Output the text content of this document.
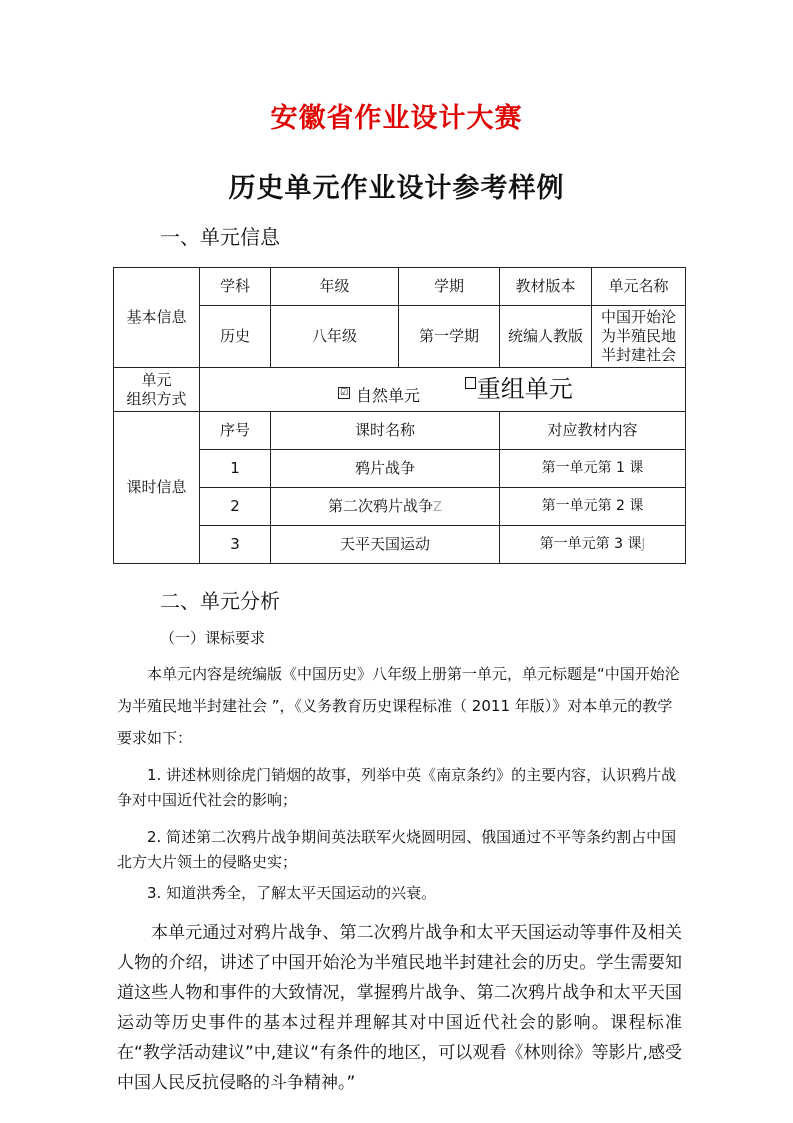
安徽省作业设计大赛
历史单元作业设计参考样例
一、单元信息
基本信息	学科	年级	学期	教材版本	单元名称
	历史	八年级	第一学期	统编人教版	中国开始沦为半殖民地半封建社会

单元
组织方式	☑ 自然单元 重组单元				
课时信息	序号	课时名称		对应教材内容	
	1	鸦片战争		第一单元第 1 课	
	2	第二次鸦片战争Z		第一单元第 2 课	
	3	天平天国运动		第一单元第 3 课J	
二、单元分析
（一）课标要求

本单元内容是统编版《中国历史》八年级上册第一单元，单元标题是“中国开始沦为半殖民地半封建社会 ”，《义务教育历史课程标准（ 2011 年版）》对本单元的教学要求如下：

1. 讲述林则徐虎门销烟的故事，列举中英《南京条约》的主要内容，认识鸦片战争对中国近代社会的影响；

2. 简述第二次鸦片战争期间英法联军火烧圆明园、俄国通过不平等条约割占中国北方大片领土的侵略史实；

3. 知道洪秀全，了解太平天国运动的兴衰。

本单元通过对鸦片战争、第二次鸦片战争和太平天国运动等事件及相关人物的介绍，讲述了中国开始沦为半殖民地半封建社会的历史。学生需要知道这些人物和事件的大致情况，掌握鸦片战争、第二次鸦片战争和太平天国运动等历史事件的基本过程并理解其对中国近代社会的影响。课程标准在“教学活动建议”中,建议“有条件的地区，可以观看《林则徐》等影片,感受中国人民反抗侵略的斗争精神。”
